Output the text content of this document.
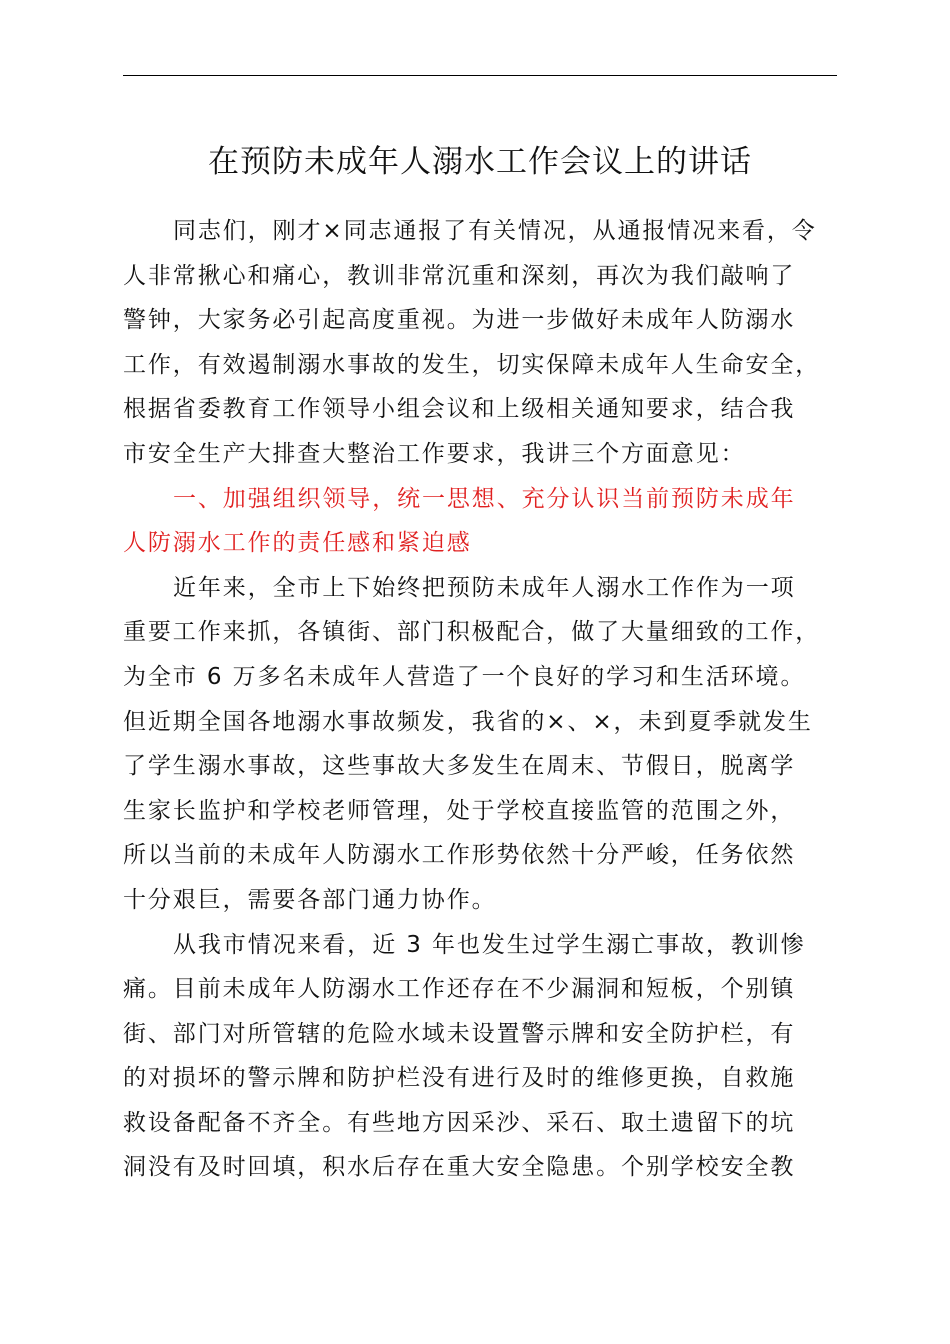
在预防未成年人溺水工作会议上的讲话

同志们，刚才×同志通报了有关情况，从通报情况来看，令
人非常揪心和痛心，教训非常沉重和深刻，再次为我们敲响了
警钟，大家务必引起高度重视。为进一步做好未成年人防溺水
工作，有效遏制溺水事故的发生，切实保障未成年人生命安全，
根据省委教育工作领导小组会议和上级相关通知要求，结合我
市安全生产大排查大整治工作要求，我讲三个方面意见：

一、加强组织领导，统一思想、充分认识当前预防未成年
人防溺水工作的责任感和紧迫感

近年来，全市上下始终把预防未成年人溺水工作作为一项
重要工作来抓，各镇街、部门积极配合，做了大量细致的工作，
为全市 6 万多名未成年人营造了一个良好的学习和生活环境。
但近期全国各地溺水事故频发，我省的×、×，未到夏季就发生
了学生溺水事故，这些事故大多发生在周末、节假日，脱离学
生家长监护和学校老师管理，处于学校直接监管的范围之外，
所以当前的未成年人防溺水工作形势依然十分严峻，任务依然
十分艰巨，需要各部门通力协作。

从我市情况来看，近 3 年也发生过学生溺亡事故，教训惨
痛。目前未成年人防溺水工作还存在不少漏洞和短板，个别镇
街、部门对所管辖的危险水域未设置警示牌和安全防护栏，有
的对损坏的警示牌和防护栏没有进行及时的维修更换，自救施
救设备配备不齐全。有些地方因采沙、采石、取土遗留下的坑
洞没有及时回填，积水后存在重大安全隐患。个别学校安全教
